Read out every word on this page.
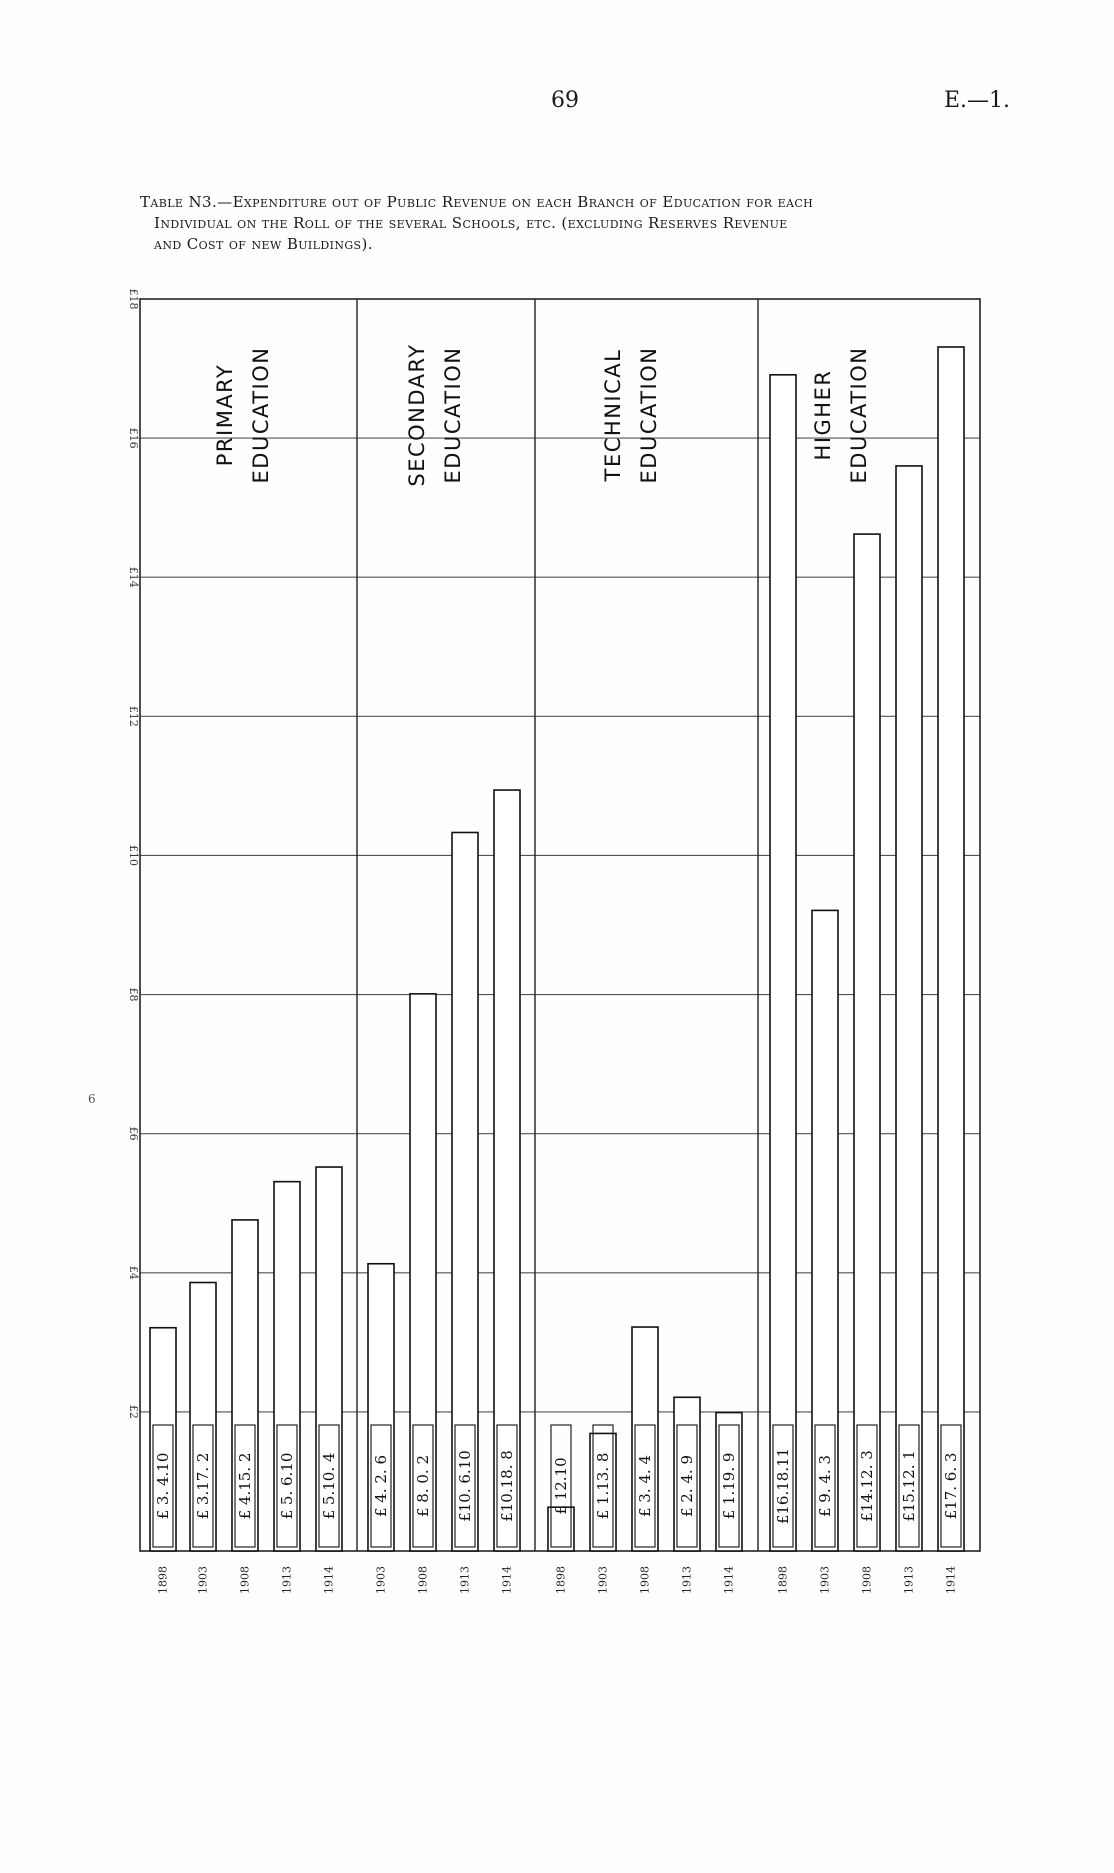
69	E.—1.
Table N3.—Expenditure out of Public Revenue on each Branch of Education for each
Individual on the Roll of the several Schools, etc. (excluding Reserves Revenue
and Cost of new Buildings).
6
£2
£4
£6
£8
£10
£12
£14
£16
£18
PRIMARY EDUCATION
£ 3. 4.10
1898
£ 3.17. 2
1903
£ 4.15. 2
1908
£ 5. 6.10
1913
£ 5.10. 4
1914
SECONDARY EDUCATION
£ 4. 2. 6
1903
£ 8. 0. 2
1908
£10. 6.10
1913
£10.18. 8
1914
TECHNICAL EDUCATION
£ 12.10
1898
£ 1.13. 8
1903
£ 3. 4. 4
1908
£ 2. 4. 9
1913
£ 1.19. 9
1914
HIGHER EDUCATION
£16.18.11
1898
£ 9. 4. 3
1903
£14.12. 3
1908
£15.12. 1
1913
£17. 6. 3
1914
